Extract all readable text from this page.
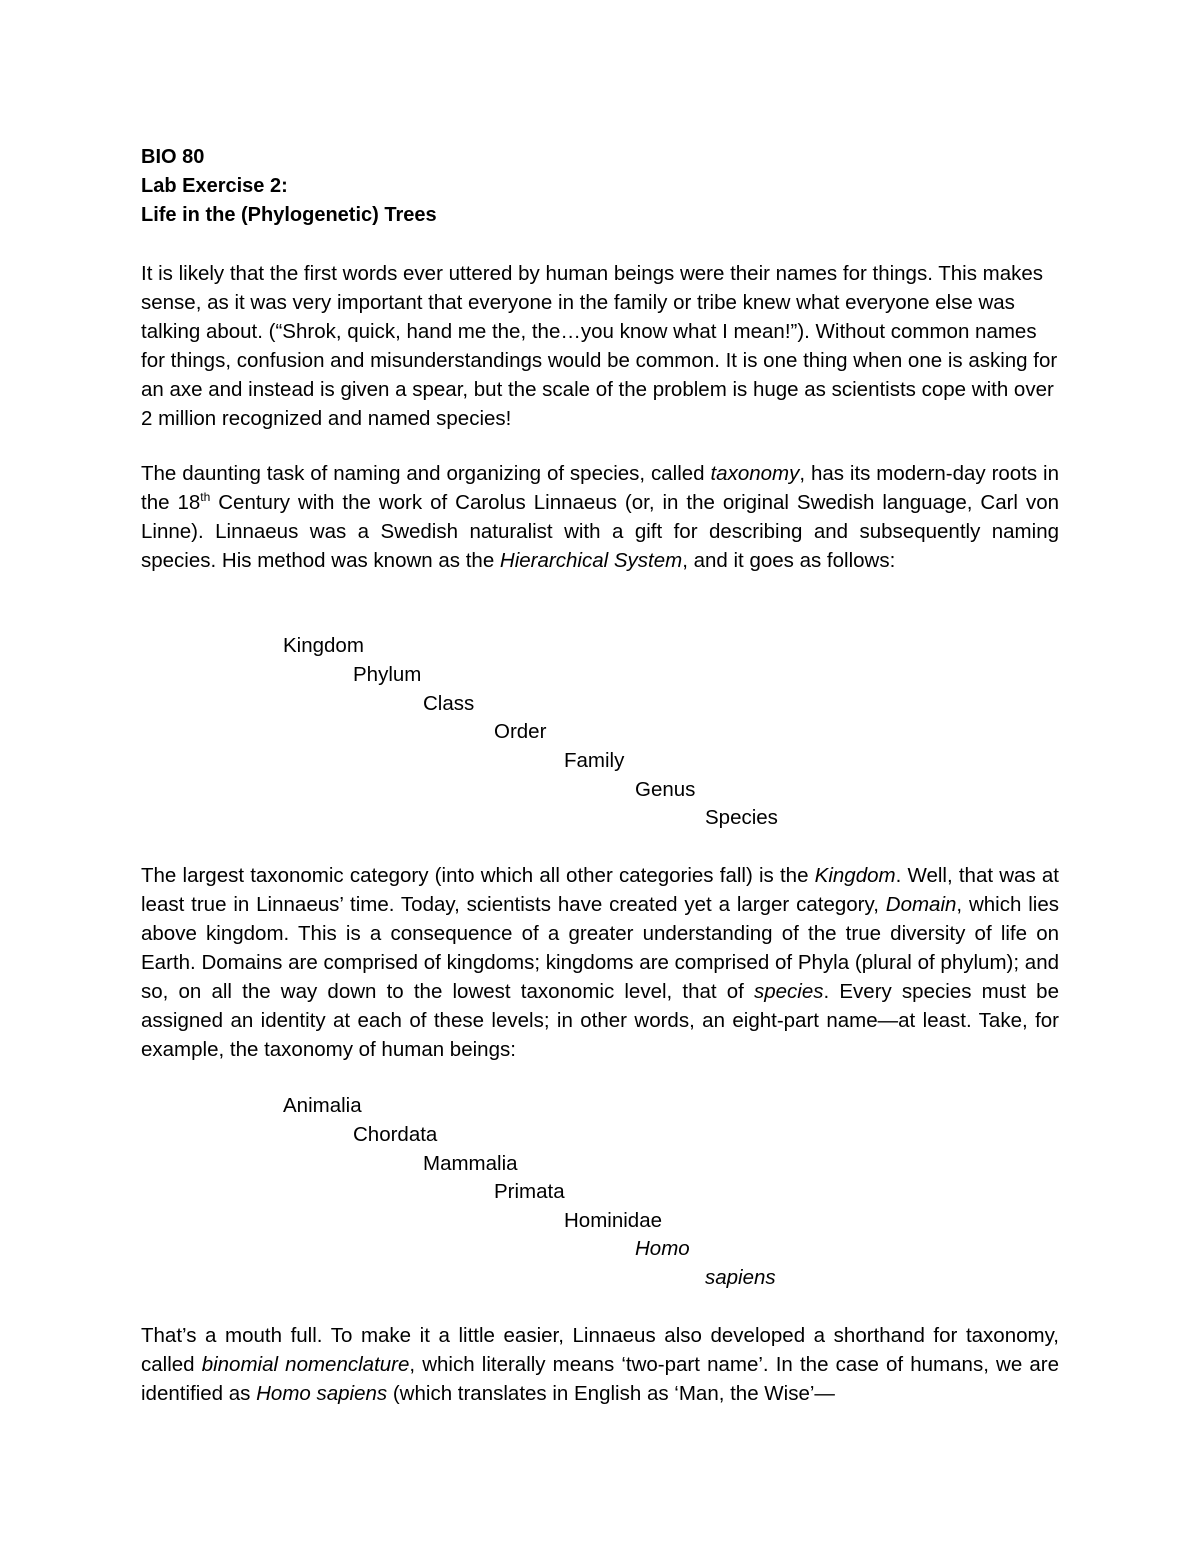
BIO 80
Lab Exercise 2:
Life in the (Phylogenetic) Trees

It is likely that the first words ever uttered by human beings were their names for things. This makes sense, as it was very important that everyone in the family or tribe knew what everyone else was talking about. (“Shrok, quick, hand me the, the…you know what I mean!”). Without common names for things, confusion and misunderstandings would be common. It is one thing when one is asking for an axe and instead is given a spear, but the scale of the problem is huge as scientists cope with over 2 million recognized and named species!

The daunting task of naming and organizing of species, called taxonomy, has its modern-day roots in the 18th Century with the work of Carolus Linnaeus (or, in the original Swedish language, Carl von Linne). Linnaeus was a Swedish naturalist with a gift for describing and subsequently naming species. His method was known as the Hierarchical System, and it goes as follows:

Kingdom
Phylum
Class
Order
Family
Genus
Species

The largest taxonomic category (into which all other categories fall) is the Kingdom. Well, that was at least true in Linnaeus’ time. Today, scientists have created yet a larger category, Domain, which lies above kingdom. This is a consequence of a greater understanding of the true diversity of life on Earth. Domains are comprised of kingdoms; kingdoms are comprised of Phyla (plural of phylum); and so, on all the way down to the lowest taxonomic level, that of species. Every species must be assigned an identity at each of these levels; in other words, an eight-part name—at least. Take, for example, the taxonomy of human beings:

Animalia
Chordata
Mammalia
Primata
Hominidae
Homo
sapiens

That’s a mouth full. To make it a little easier, Linnaeus also developed a shorthand for taxonomy, called binomial nomenclature, which literally means ‘two-part name’. In the case of humans, we are identified as Homo sapiens (which translates in English as ‘Man, the Wise’—
